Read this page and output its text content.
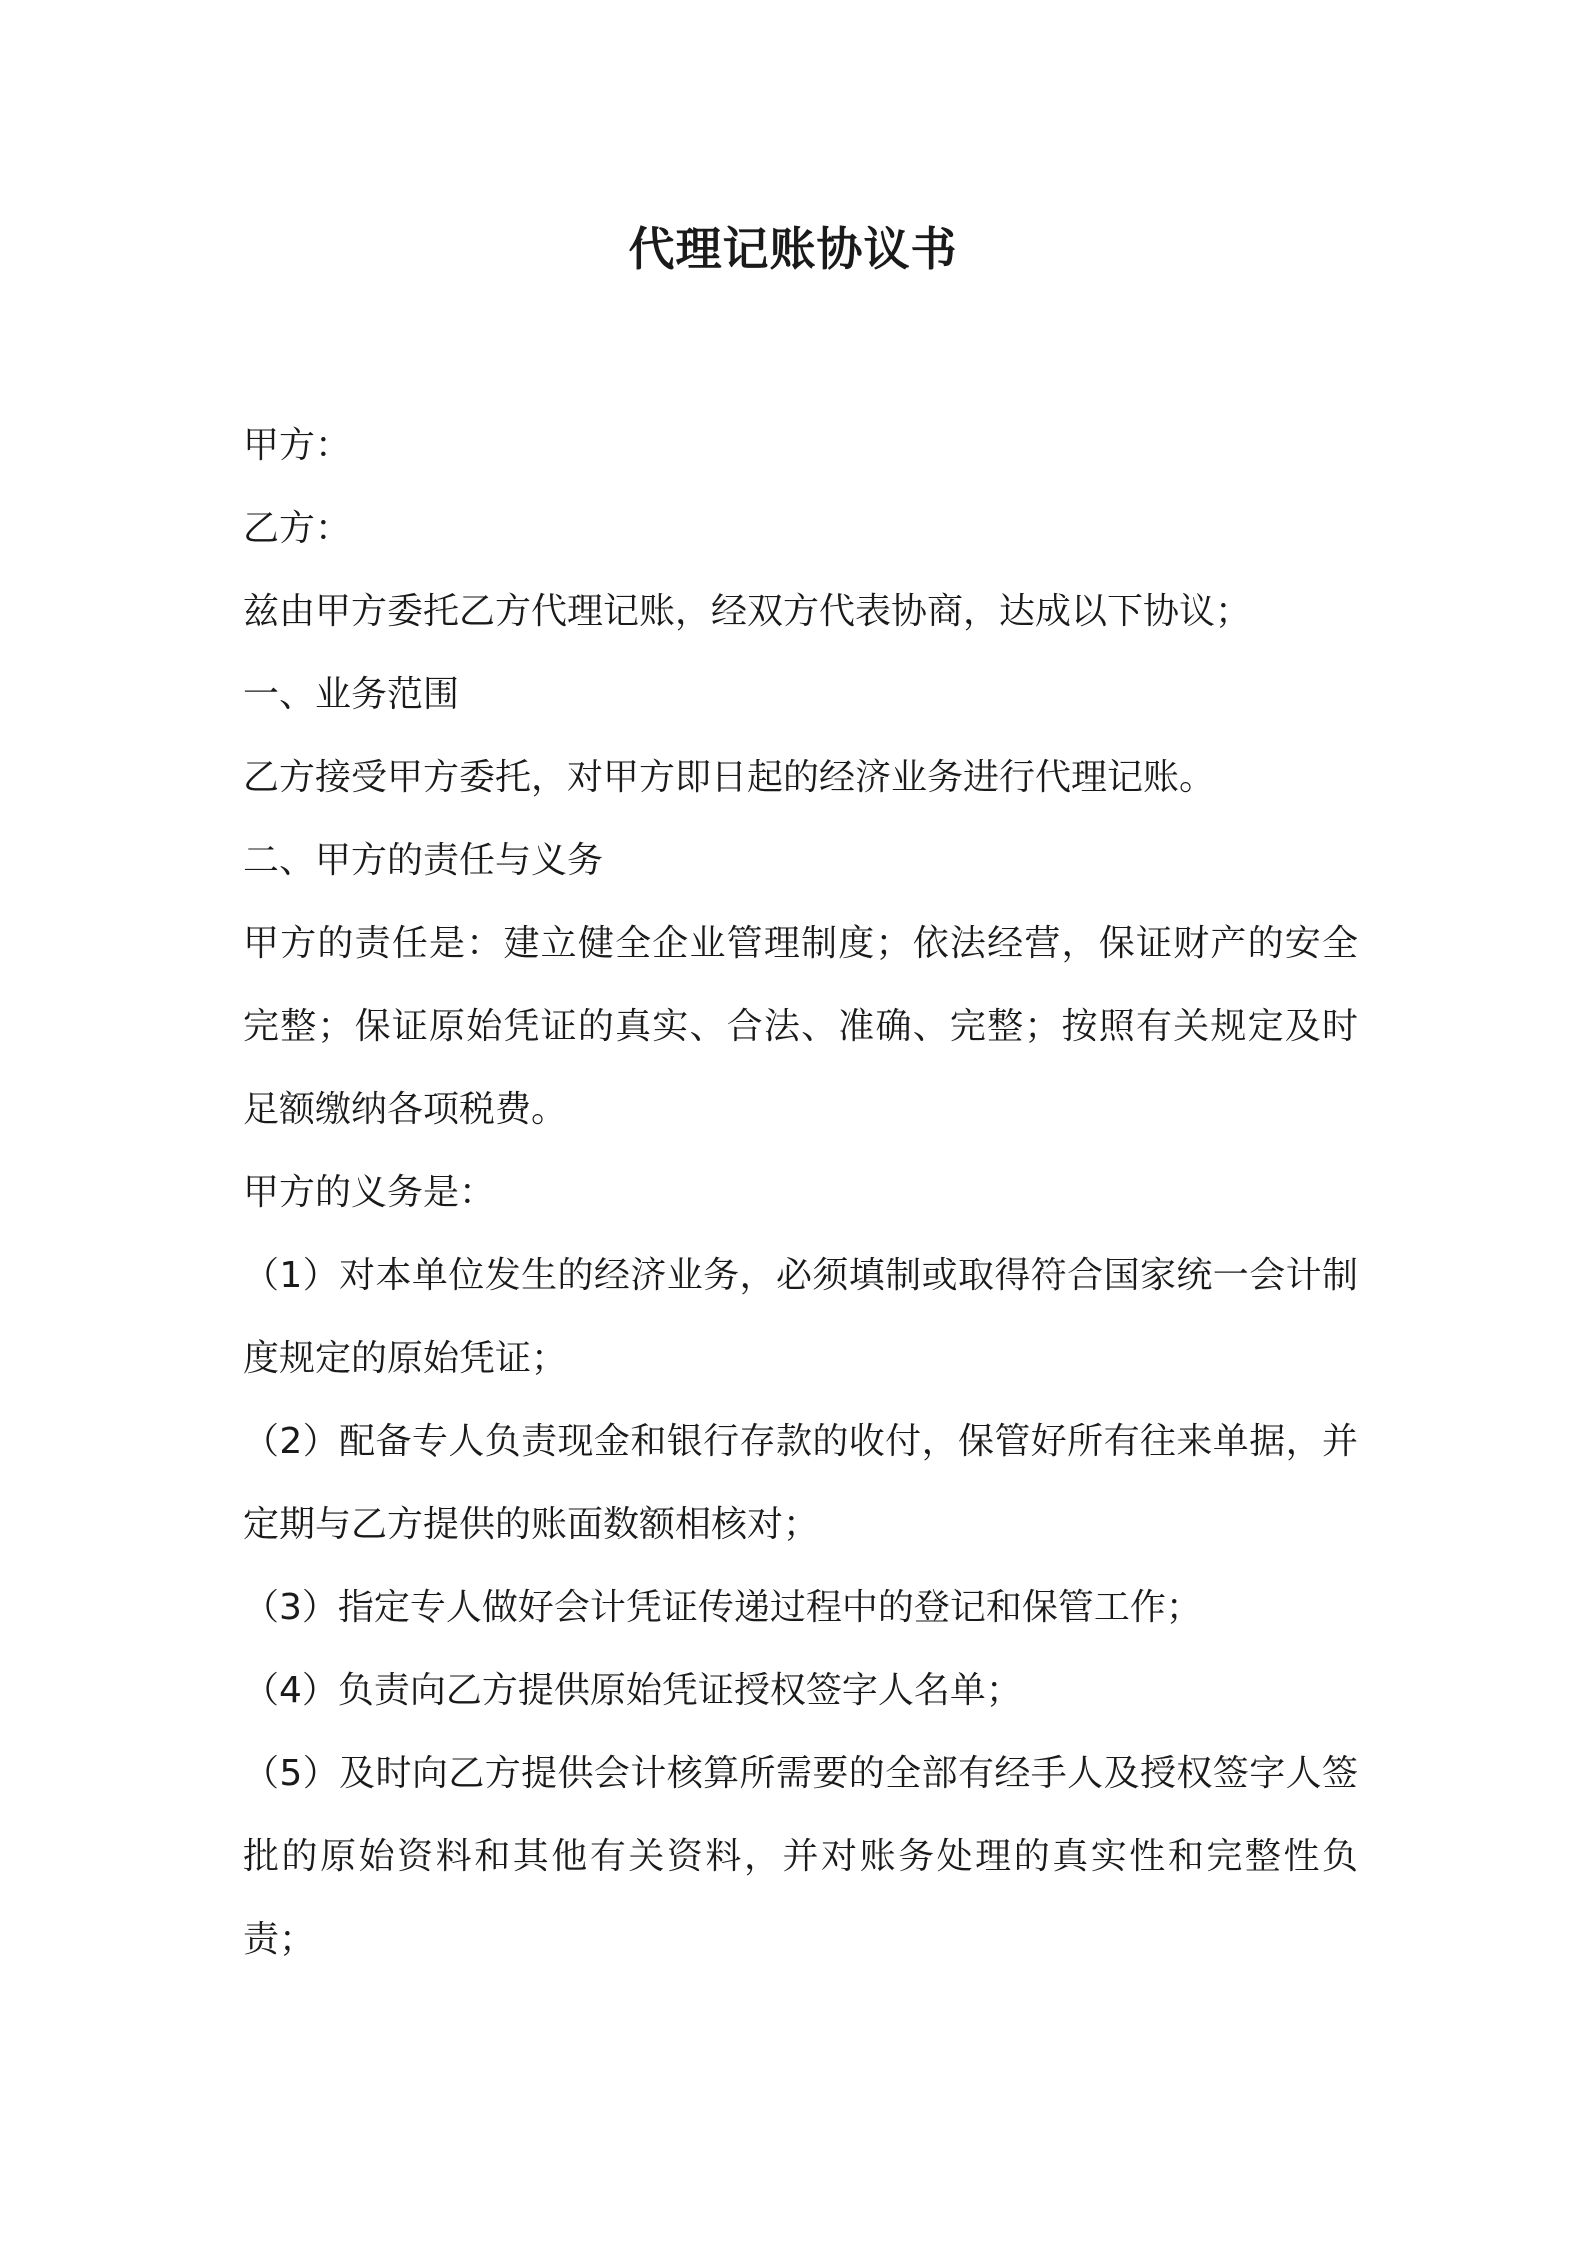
代理记账协议书

甲方：

乙方：

兹由甲方委托乙方代理记账，经双方代表协商，达成以下协议；

一、业务范围

乙方接受甲方委托，对甲方即日起的经济业务进行代理记账。

二、甲方的责任与义务

甲方的责任是：建立健全企业管理制度；依法经营，保证财产的安全完整；保证原始凭证的真实、合法、准确、完整；按照有关规定及时足额缴纳各项税费。

甲方的义务是：

（1）对本单位发生的经济业务，必须填制或取得符合国家统一会计制度规定的原始凭证；

（2）配备专人负责现金和银行存款的收付，保管好所有往来单据，并定期与乙方提供的账面数额相核对；

（3）指定专人做好会计凭证传递过程中的登记和保管工作；

（4）负责向乙方提供原始凭证授权签字人名单；

（5）及时向乙方提供会计核算所需要的全部有经手人及授权签字人签批的原始资料和其他有关资料，并对账务处理的真实性和完整性负责；
